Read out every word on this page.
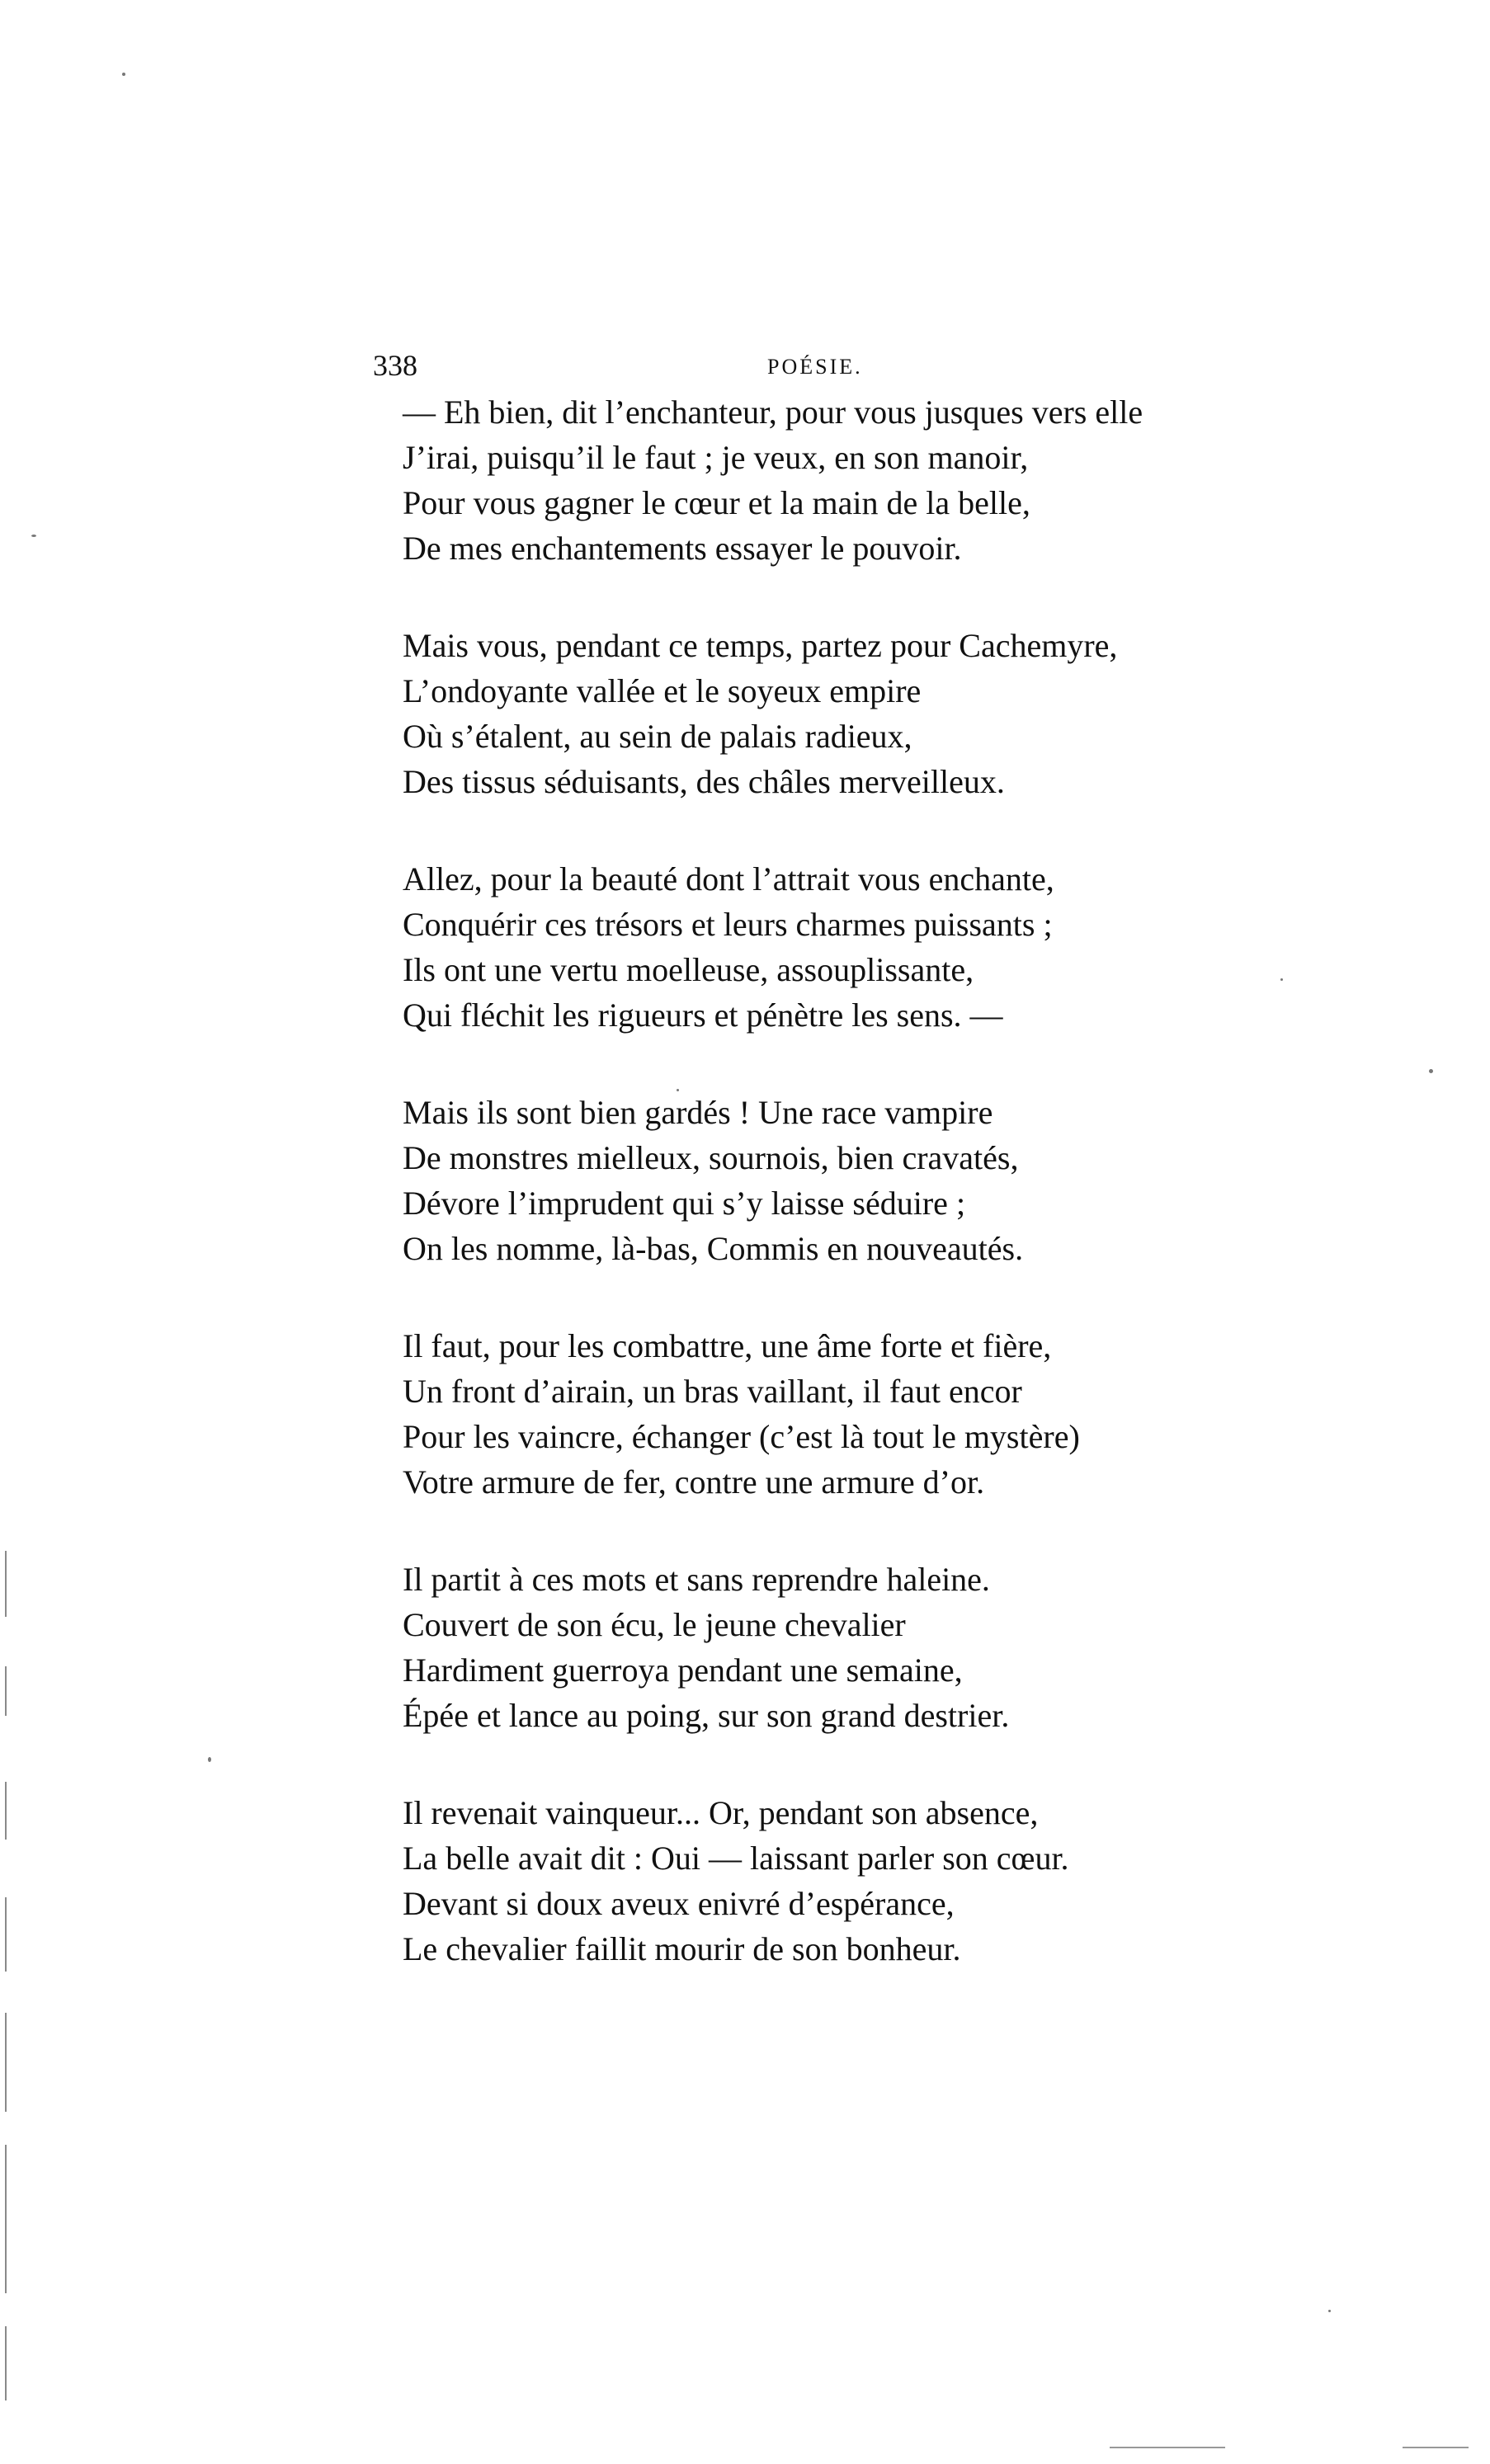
338	POÉSIE.
— Eh bien, dit l’enchanteur, pour vous jusques vers elle
J’irai, puisqu’il le faut ; je veux, en son manoir,
Pour vous gagner le cœur et la main de la belle,
De mes enchantements essayer le pouvoir.
Mais vous, pendant ce temps, partez pour Cachemyre,
L’ondoyante vallée et le soyeux empire
Où s’étalent, au sein de palais radieux,
Des tissus séduisants, des châles merveilleux.
Allez, pour la beauté dont l’attrait vous enchante,
Conquérir ces trésors et leurs charmes puissants ;
Ils ont une vertu moelleuse, assouplissante,
Qui fléchit les rigueurs et pénètre les sens. —
Mais ils sont bien gardés ! Une race vampire
De monstres mielleux, sournois, bien cravatés,
Dévore l’imprudent qui s’y laisse séduire ;
On les nomme, là-bas, Commis en nouveautés.
Il faut, pour les combattre, une âme forte et fière,
Un front d’airain, un bras vaillant, il faut encor
Pour les vaincre, échanger (c’est là tout le mystère)
Votre armure de fer, contre une armure d’or.
Il partit à ces mots et sans reprendre haleine.
Couvert de son écu, le jeune chevalier
Hardiment guerroya pendant une semaine,
Épée et lance au poing, sur son grand destrier.
Il revenait vainqueur... Or, pendant son absence,
La belle avait dit : Oui — laissant parler son cœur.
Devant si doux aveux enivré d’espérance,
Le chevalier faillit mourir de son bonheur.
